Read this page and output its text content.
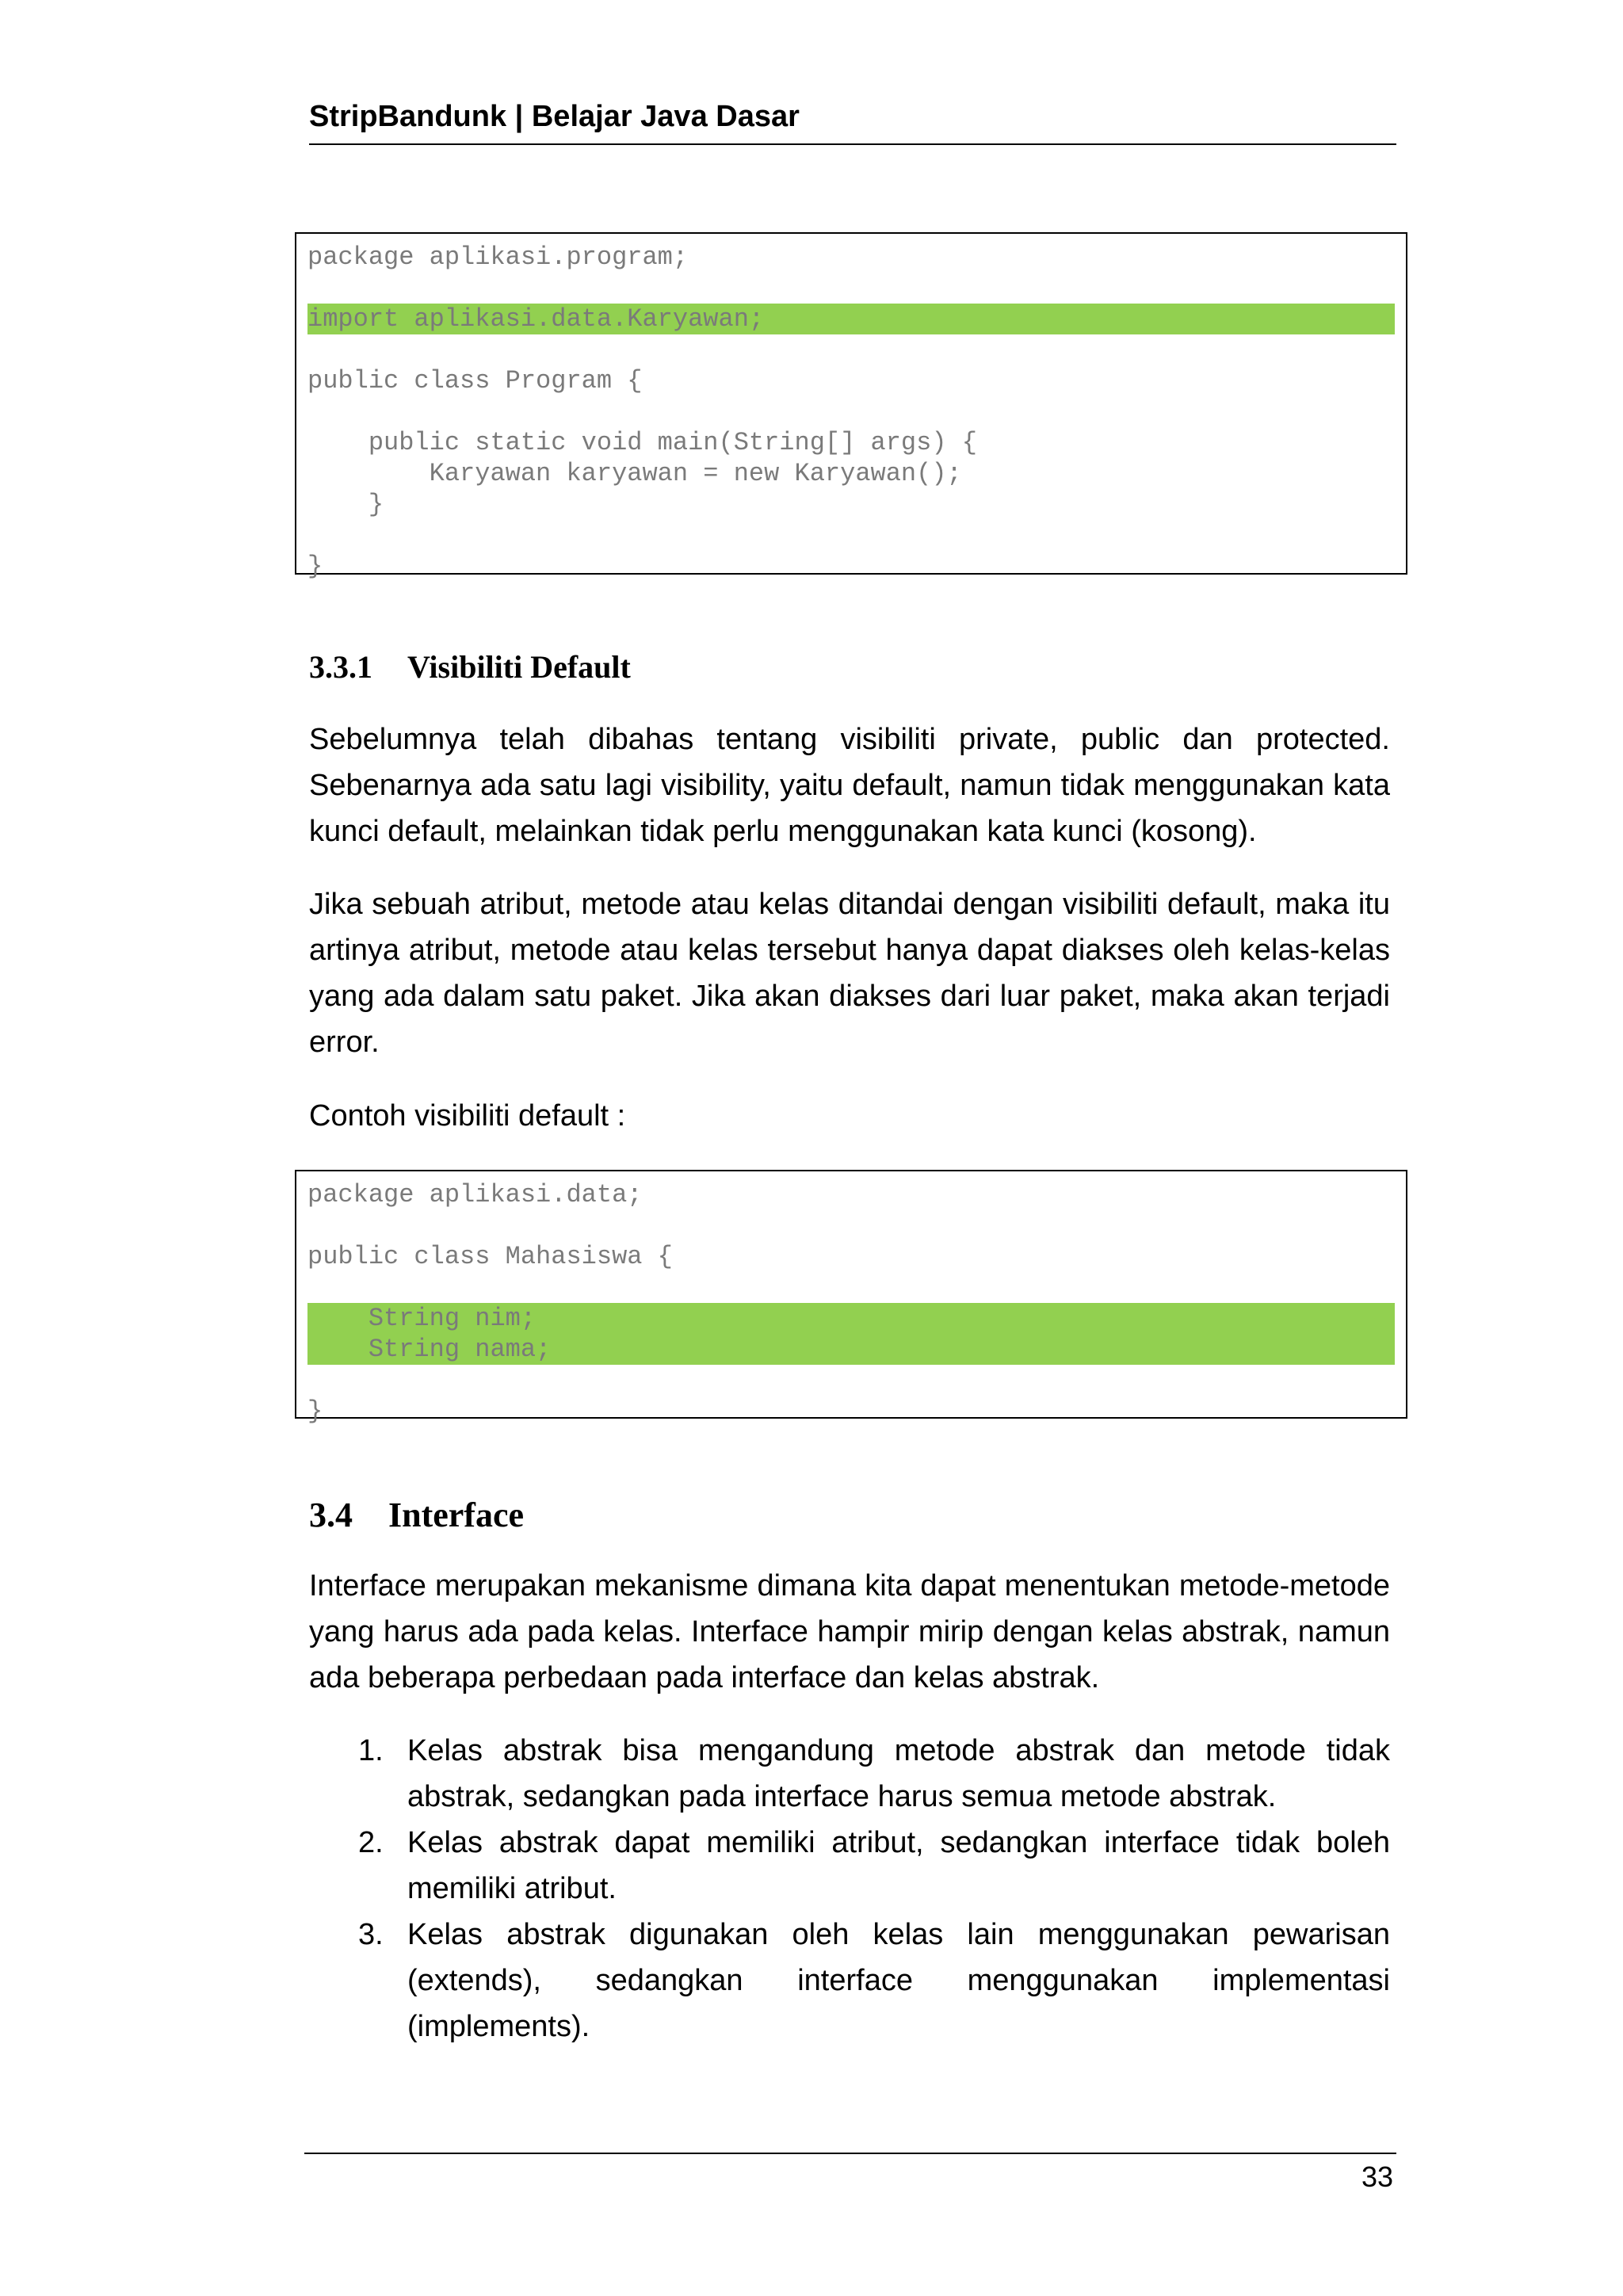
StripBandunk | Belajar Java Dasar
package aplikasi.program;
import aplikasi.data.Karyawan;
public class Program {
public static void main(String[] args) {
Karyawan karyawan = new Karyawan();
}
}
3.3.1 Visibiliti Default

Sebelumnya telah dibahas tentang visibiliti private, public dan protected. Sebenarnya ada satu lagi visibility, yaitu default, namun tidak menggunakan kata kunci default, melainkan tidak perlu menggunakan kata kunci (kosong).

Jika sebuah atribut, metode atau kelas ditandai dengan visibiliti default, maka itu artinya atribut, metode atau kelas tersebut hanya dapat diakses oleh kelas-kelas yang ada dalam satu paket. Jika akan diakses dari luar paket, maka akan terjadi error.

Contoh visibiliti default :

package aplikasi.data;
public class Mahasiswa {
String nim;
String nama;
}
3.4 Interface

Interface merupakan mekanisme dimana kita dapat menentukan metode-metode yang harus ada pada kelas. Interface hampir mirip dengan kelas abstrak, namun ada beberapa perbedaan pada interface dan kelas abstrak.

1. Kelas abstrak bisa mengandung metode abstrak dan metode tidak abstrak, sedangkan pada interface harus semua metode abstrak.
2. Kelas abstrak dapat memiliki atribut, sedangkan interface tidak boleh memiliki atribut.
3. Kelas abstrak digunakan oleh kelas lain menggunakan pewarisan (extends), sedangkan interface menggunakan implementasi (implements).
33
